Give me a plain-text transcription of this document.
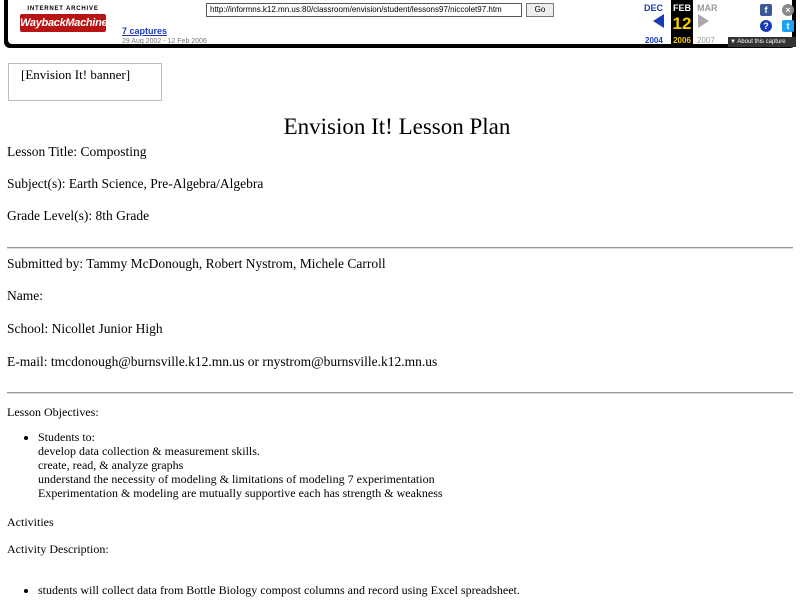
INTERNET ARCHIVE
WaybackMachine
http://informns.k12.mn.us:80/classroom/envision/student/lessons97/niccolet97.htm	Go
7 captures
29 Aug 2002 - 12 Feb 2006
DEC FEB
12
MAR
2004 2006 2007
f	×
?	t
▼ About this capture
[Envision It! banner]
Envision It! Lesson Plan
Lesson Title: Composting
Subject(s): Earth Science, Pre-Algebra/Algebra
Grade Level(s): 8th Grade
Submitted by: Tammy McDonough, Robert Nystrom, Michele Carroll
Name:
School: Nicollet Junior High
E-mail: tmcdonough@burnsville.k12.mn.us or rnystrom@burnsville.k12.mn.us
Lesson Objectives:
• Students to:
develop data collection & measurement skills.
create, read, & analyze graphs
understand the necessity of modeling & limitations of modeling 7 experimentation
Experimentation & modeling are mutually supportive each has strength & weakness
Activities
Activity Description:
• students will collect data from Bottle Biology compost columns and record using Excel spreadsheet.
